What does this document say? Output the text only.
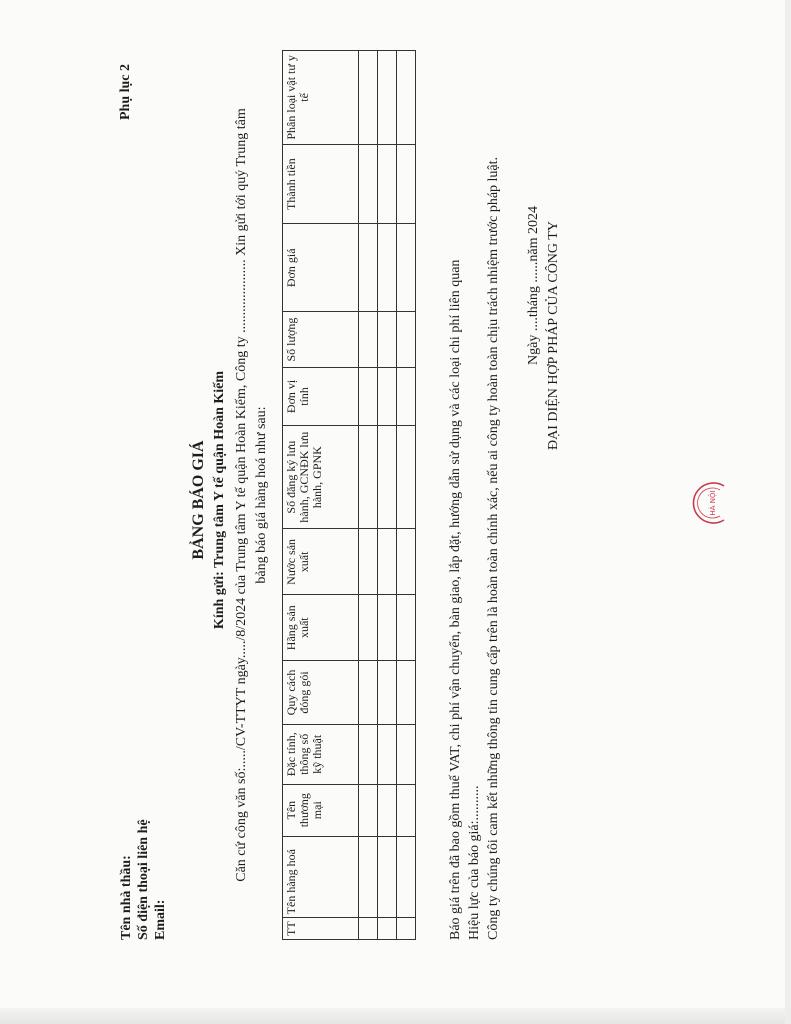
Phụ lục 2
Tên nhà thầu: Số điện thoại liên hệ Email:
BẢNG BÁO GIÁ Kính gửi: Trung tâm Y tế quận Hoàn Kiếm Căn cứ công văn số:...../CV-TTYT ngày...../8/2024 của Trung tâm Y tế quận Hoàn Kiếm, Công ty ..................... Xin gửi tới quý Trung tâm bảng báo giá hàng hoá như sau:
TT	Tên hàng hoá	Tên thương mại	Đặc tính, thông số kỹ thuật	Quy cách đóng gói	Hãng sản xuất	Nước sản xuất	Số đăng ký lưu hành, GCNĐK lưu hành, GPNK	Đơn vị tính	Số lượng	Đơn giá	Thành tiền	Phân loại vật tư y tế

Báo giá trên đã bao gồm thuế VAT, chi phí vận chuyển, bàn giao, lắp đặt, hướng dẫn sử dụng và các loại chi phí liên quan Hiệu lực của báo giá:.......... Công ty chúng tôi cam kết những thông tin cung cấp trên là hoàn toàn chính xác, nếu ai công ty hoàn toàn chịu trách nhiệm trước pháp luật. Ngày ....tháng ......năm 2024 ĐẠI DIỆN HỢP PHÁP CỦA CÔNG TY
HÀ NỘI
